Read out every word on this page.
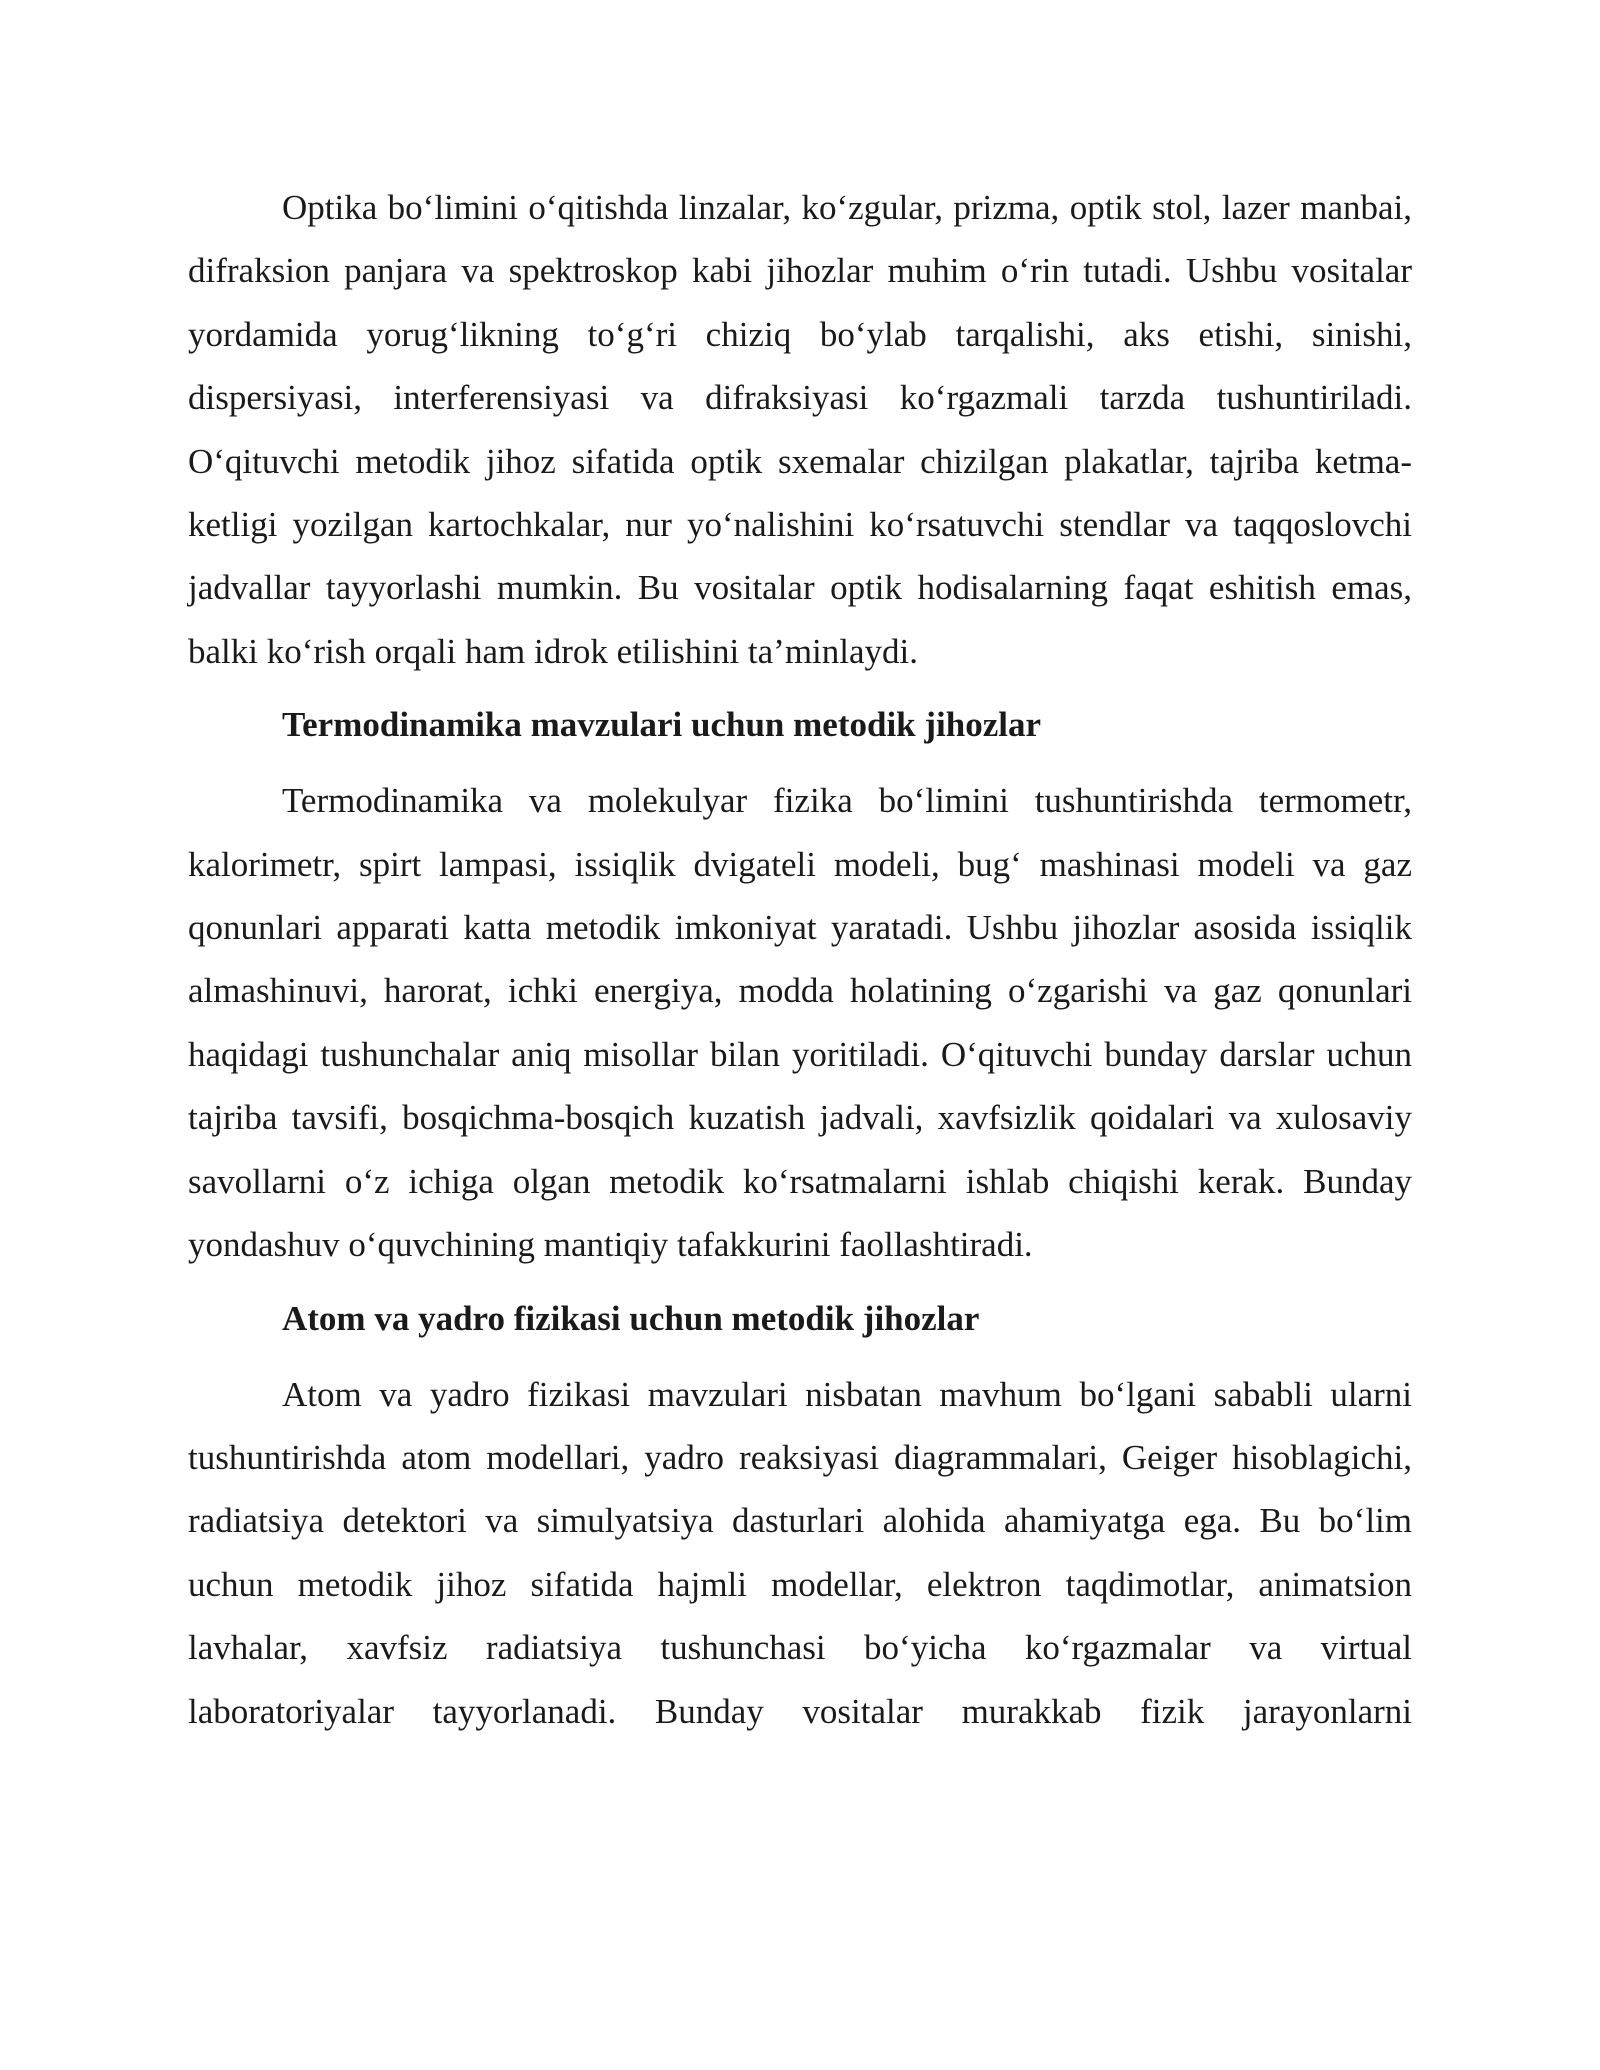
Optika bo‘limini o‘qitishda linzalar, ko‘zgular, prizma, optik stol, lazer manbai, difraksion panjara va spektroskop kabi jihozlar muhim o‘rin tutadi. Ushbu vositalar yordamida yorug‘likning to‘g‘ri chiziq bo‘ylab tarqalishi, aks etishi, sinishi, dispersiyasi, interferensiyasi va difraksiyasi ko‘rgazmali tarzda tushuntiriladi. O‘qituvchi metodik jihoz sifatida optik sxemalar chizilgan plakatlar, tajriba ketma-ketligi yozilgan kartochkalar, nur yo‘nalishini ko‘rsatuvchi stendlar va taqqoslovchi jadvallar tayyorlashi mumkin. Bu vositalar optik hodisalarning faqat eshitish emas, balki ko‘rish orqali ham idrok etilishini ta’minlaydi.

Termodinamika mavzulari uchun metodik jihozlar

Termodinamika va molekulyar fizika bo‘limini tushuntirishda termometr, kalorimetr, spirt lampasi, issiqlik dvigateli modeli, bug‘ mashinasi modeli va gaz qonunlari apparati katta metodik imkoniyat yaratadi. Ushbu jihozlar asosida issiqlik almashinuvi, harorat, ichki energiya, modda holatining o‘zgarishi va gaz qonunlari haqidagi tushunchalar aniq misollar bilan yoritiladi. O‘qituvchi bunday darslar uchun tajriba tavsifi, bosqichma-bosqich kuzatish jadvali, xavfsizlik qoidalari va xulosaviy savollarni o‘z ichiga olgan metodik ko‘rsatmalarni ishlab chiqishi kerak. Bunday yondashuv o‘quvchining mantiqiy tafakkurini faollashtiradi.

Atom va yadro fizikasi uchun metodik jihozlar

Atom va yadro fizikasi mavzulari nisbatan mavhum bo‘lgani sababli ularni tushuntirishda atom modellari, yadro reaksiyasi diagrammalari, Geiger hisoblagichi, radiatsiya detektori va simulyatsiya dasturlari alohida ahamiyatga ega. Bu bo‘lim uchun metodik jihoz sifatida hajmli modellar, elektron taqdimotlar, animatsion lavhalar, xavfsiz radiatsiya tushunchasi bo‘yicha ko‘rgazmalar va virtual laboratoriyalar tayyorlanadi. Bunday vositalar murakkab fizik jarayonlarni
